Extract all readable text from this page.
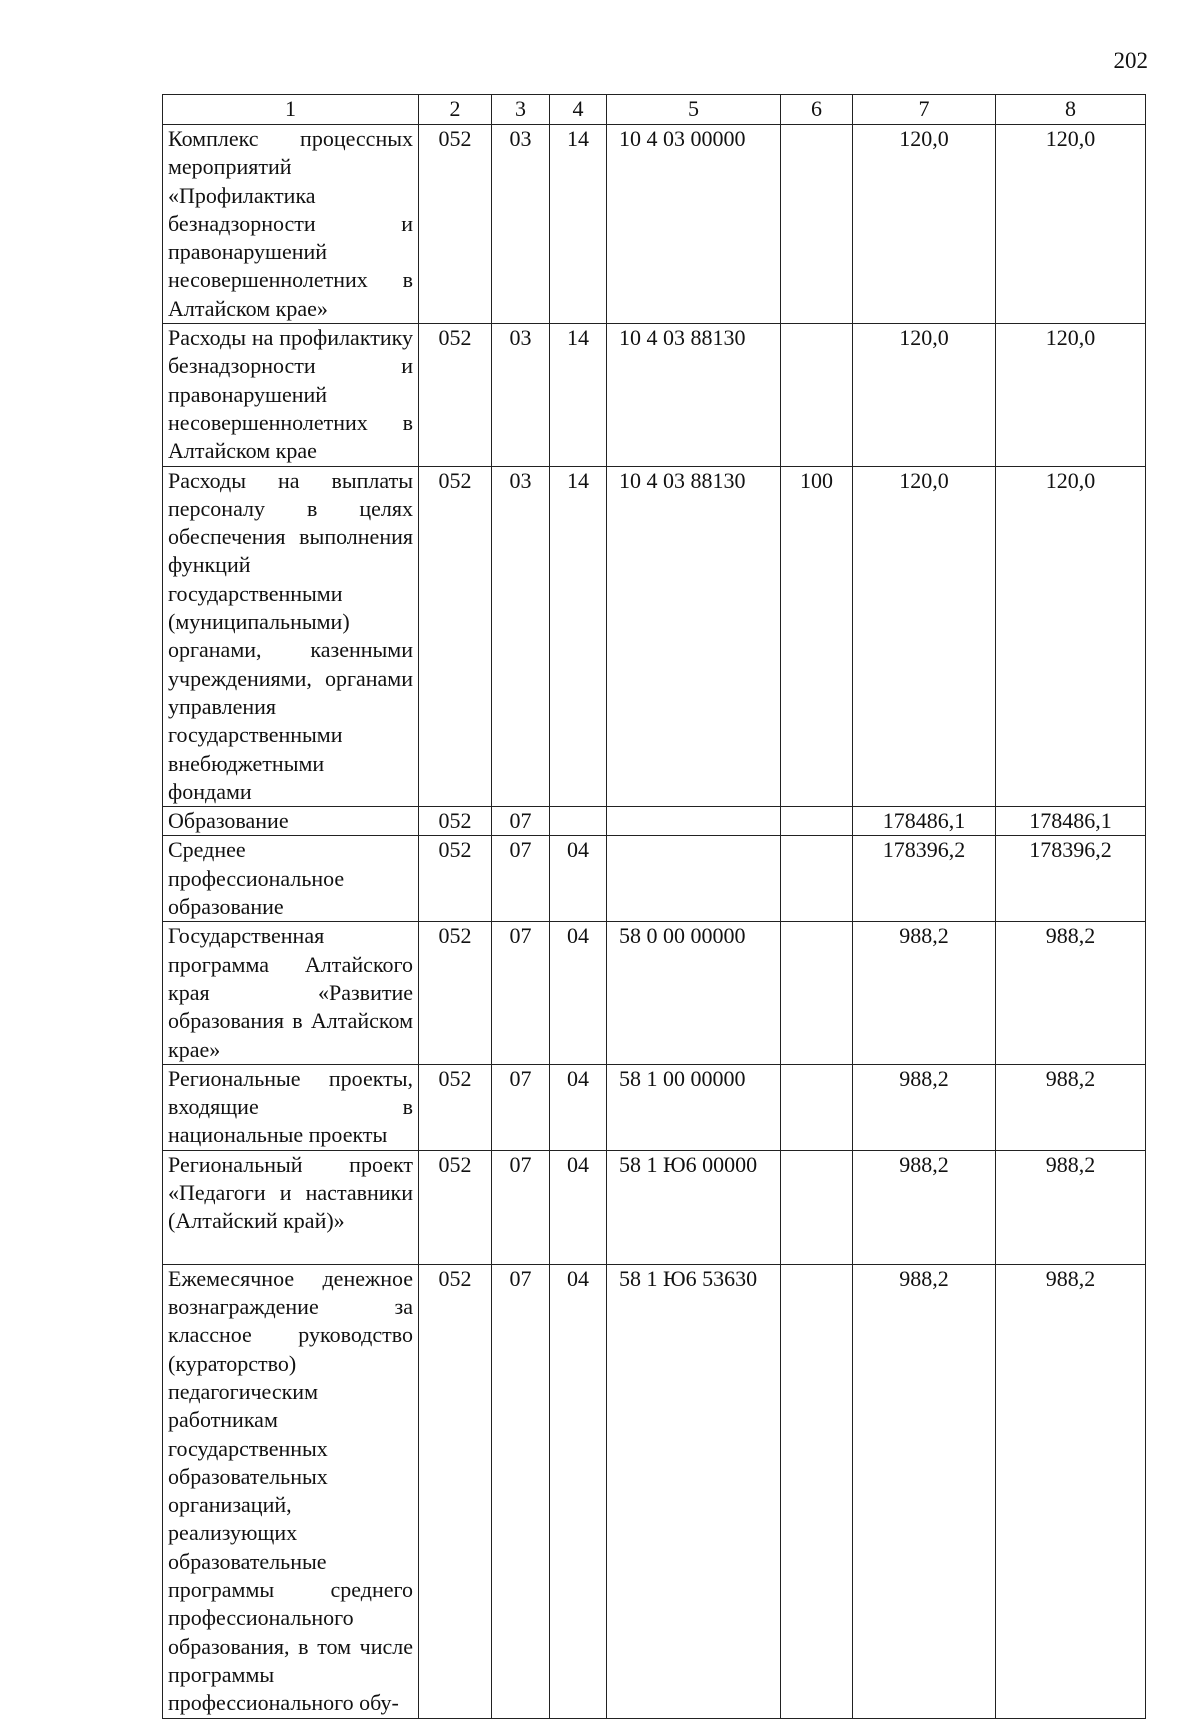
202
1	2	3	4	5	6	7	8
Комплекс процессных мероприятий «Профилактика безнадзорности и правонарушений несовершеннолетних в Алтайском крае»	052	03	14	10 4 03 00000		120,0	120,0
Расходы на профилактику безнадзорности и правонарушений несовершеннолетних в Алтайском крае	052	03	14	10 4 03 88130		120,0	120,0
Расходы на выплаты персоналу в целях обеспечения выполнения функций государственными (муниципальными) органами, казенными учреждениями, органами управления государственными внебюджетными фондами	052	03	14	10 4 03 88130	100	120,0	120,0
Образование	052	07				178486,1	178486,1
Среднее профессиональное образование	052	07	04			178396,2	178396,2
Государственная программа Алтайского края «Развитие образования в Алтайском крае»	052	07	04	58 0 00 00000		988,2	988,2
Региональные проекты, входящие в национальные проекты	052	07	04	58 1 00 00000		988,2	988,2
Региональный проект «Педагоги и наставники (Алтайский край)»	052	07	04	58 1 Ю6 00000		988,2	988,2
Ежемесячное денежное вознаграждение за классное руководство (кураторство) педагогическим работникам государственных образовательных организаций, реализующих образовательные программы среднего профессионального образования, в том числе программы профессионального обу-	052	07	04	58 1 Ю6 53630		988,2	988,2
